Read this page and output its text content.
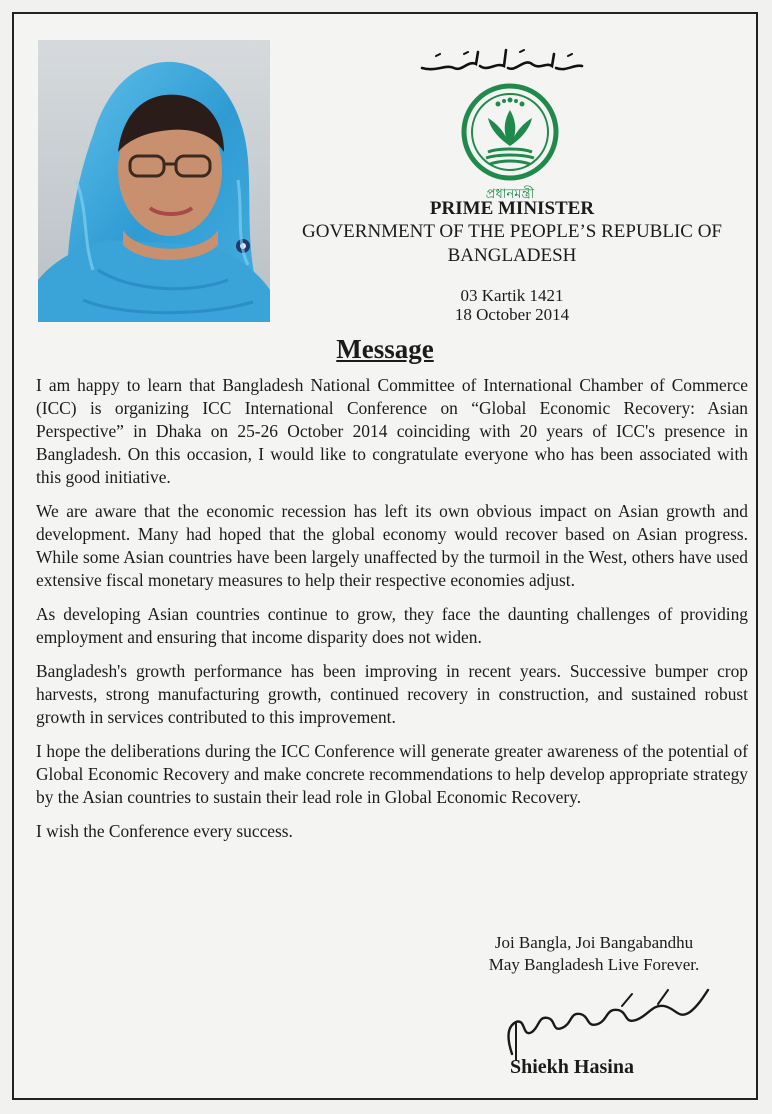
بسم الله الرحمن الرحيم
প্রধানমন্ত্রী
PRIME MINISTER
GOVERNMENT OF THE PEOPLE’S REPUBLIC OF BANGLADESH
03 Kartik 1421
18 October 2014
Message

I am happy to learn that Bangladesh National Committee of International Chamber of Commerce (ICC) is organizing ICC International Conference on “Global Economic Recovery: Asian Perspective” in Dhaka on 25-26 October 2014 coinciding with 20 years of ICC's presence in Bangladesh. On this occasion, I would like to congratulate everyone who has been associated with this good initiative.

We are aware that the economic recession has left its own obvious impact on Asian growth and development. Many had hoped that the global economy would recover based on Asian progress. While some Asian countries have been largely unaffected by the turmoil in the West, others have used extensive fiscal monetary measures to help their respective economies adjust.

As developing Asian countries continue to grow, they face the daunting challenges of providing employment and ensuring that income disparity does not widen.

Bangladesh's growth performance has been improving in recent years. Successive bumper crop harvests, strong manufacturing growth, continued recovery in construction, and sustained robust growth in services contributed to this improvement.

I hope the deliberations during the ICC Conference will generate greater awareness of the potential of Global Economic Recovery and make concrete recommendations to help develop appropriate strategy by the Asian countries to sustain their lead role in Global Economic Recovery.

I wish the Conference every success.

Joi Bangla, Joi Bangabandhu
May Bangladesh Live Forever.
শেখ হাসিনা
Shiekh Hasina
